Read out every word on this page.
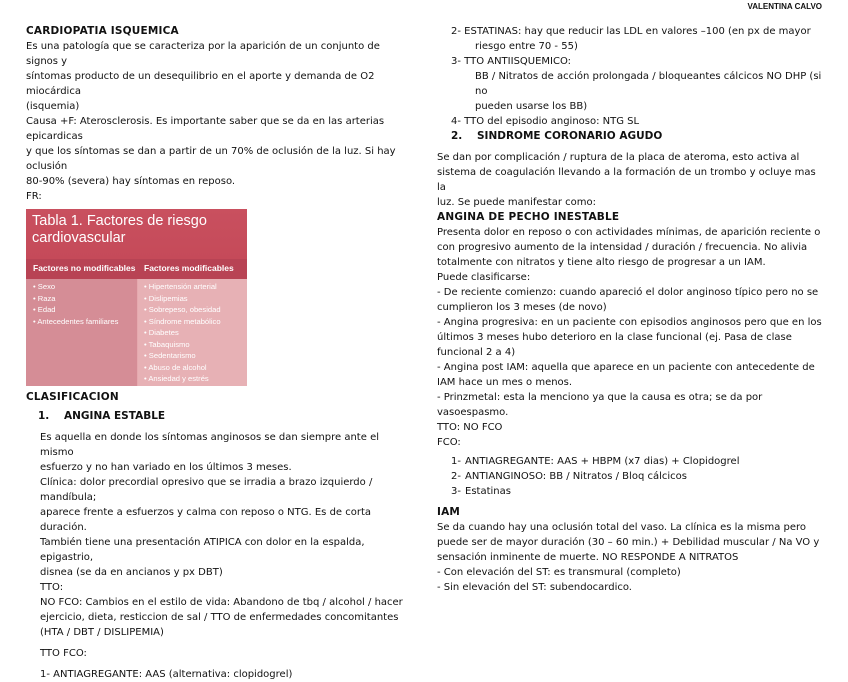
VALENTINA CALVO

CARDIOPATIA ISQUEMICA

Es una patología que se caracteriza por la aparición de un conjunto de signos y

síntomas producto de un desequilibrio en el aporte y demanda de O2 miocárdica

(isquemia)

Causa +F: Aterosclerosis. Es importante saber que se da en las arterias epicardicas

y que los síntomas se dan a partir de un 70% de oclusión de la luz. Si hay oclusión

80-90% (severa) hay síntomas en reposo.

FR:

Tabla 1. Factores de riesgo
cardiovascular
Factores no modificables Factores modificables
• Sexo
• Raza
• Edad
• Antecedentes familiares
• Hipertensión arterial
• Dislipemias
• Sobrepeso, obesidad
• Síndrome metabólico
• Diabetes
• Tabaquismo
• Sedentarismo
• Abuso de alcohol
• Ansiedad y estrés

CLASIFICACION

1.	ANGINA ESTABLE

Es aquella en donde los síntomas anginosos se dan siempre ante el mismo

esfuerzo y no han variado en los últimos 3 meses.

Clínica: dolor precordial opresivo que se irradia a brazo izquierdo / mandíbula;

aparece frente a esfuerzos y calma con reposo o NTG. Es de corta duración.

También tiene una presentación ATIPICA con dolor en la espalda, epigastrio,

disnea (se da en ancianos y px DBT)

TTO:

NO FCO: Cambios en el estilo de vida: Abandono de tbq / alcohol / hacer

ejercicio, dieta, resticcion de sal / TTO de enfermedades concomitantes

(HTA / DBT / DISLIPEMIA)

TTO FCO:

1- ANTIAGREGANTE: AAS (alternativa: clopidogrel)

2- ESTATINAS: hay que reducir las LDL en valores –100 (en px de mayor

riesgo entre 70 - 55)

3- TTO ANTIISQUEMICO:

BB / Nitratos de acción prolongada / bloqueantes cálcicos NO DHP (si no

pueden usarse los BB)

4- TTO del episodio anginoso: NTG SL

2.	SINDROME CORONARIO AGUDO

Se dan por complicación / ruptura de la placa de ateroma, esto activa al

sistema de coagulación llevando a la formación de un trombo y ocluye mas la

luz. Se puede manifestar como:

ANGINA DE PECHO INESTABLE

Presenta dolor en reposo o con actividades mínimas, de aparición reciente o

con progresivo aumento de la intensidad / duración / frecuencia. No alivia

totalmente con nitratos y tiene alto riesgo de progresar a un IAM.

Puede clasificarse:

- De reciente comienzo: cuando apareció el dolor anginoso típico pero no se

cumplieron los 3 meses (de novo)

- Angina progresiva: en un paciente con episodios anginosos pero que en los

últimos 3 meses hubo deterioro en la clase funcional (ej. Pasa de clase

funcional 2 a 4)

- Angina post IAM: aquella que aparece en un paciente con antecedente de

IAM hace un mes o menos.

- Prinzmetal: esta la menciono ya que la causa es otra; se da por

vasoespasmo.

TTO: NO FCO

FCO:

1- ANTIAGREGANTE: AAS + HBPM (x7 dias) + Clopidogrel
2- ANTIANGINOSO: BB / Nitratos / Bloq cálcicos
3- Estatinas

IAM

Se da cuando hay una oclusión total del vaso. La clínica es la misma pero

puede ser de mayor duración (30 – 60 min.) + Debilidad muscular / Na VO y

sensación inminente de muerte. NO RESPONDE A NITRATOS

- Con elevación del ST: es transmural (completo)

- Sin elevación del ST: subendocardico.
